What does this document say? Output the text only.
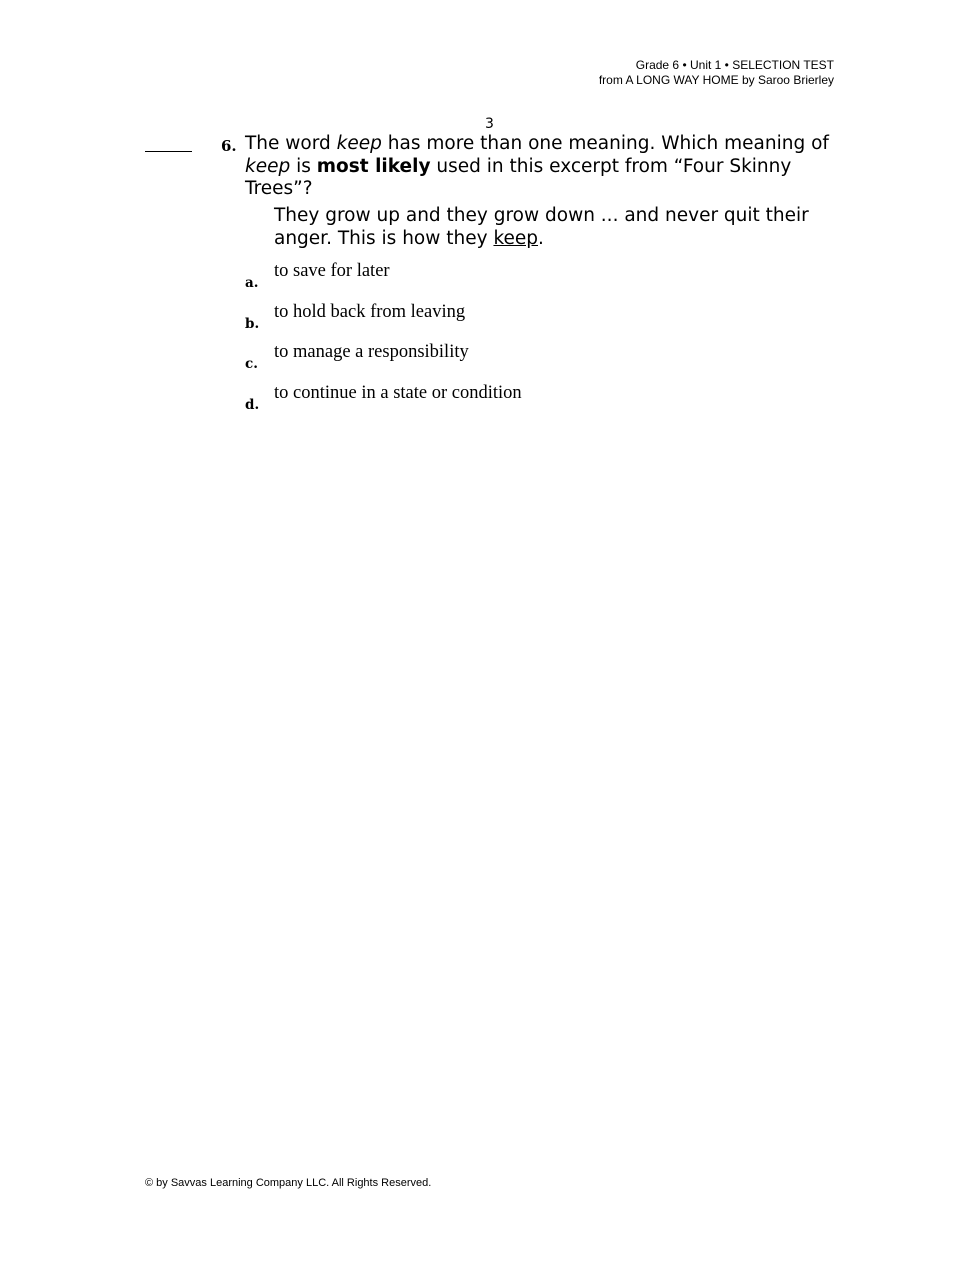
Grade 6 • Unit 1 • SELECTION TEST
from A LONG WAY HOME by Saroo Brierley
3
6. The word keep has more than one meaning. Which meaning of keep is most likely used in this excerpt from “Four Skinny Trees”?
They grow up and they grow down ... and never quit their anger. This is how they keep.
a.
to save for later
b.
to hold back from leaving
c.
to manage a responsibility
d.
to continue in a state or condition
© by Savvas Learning Company LLC. All Rights Reserved.
